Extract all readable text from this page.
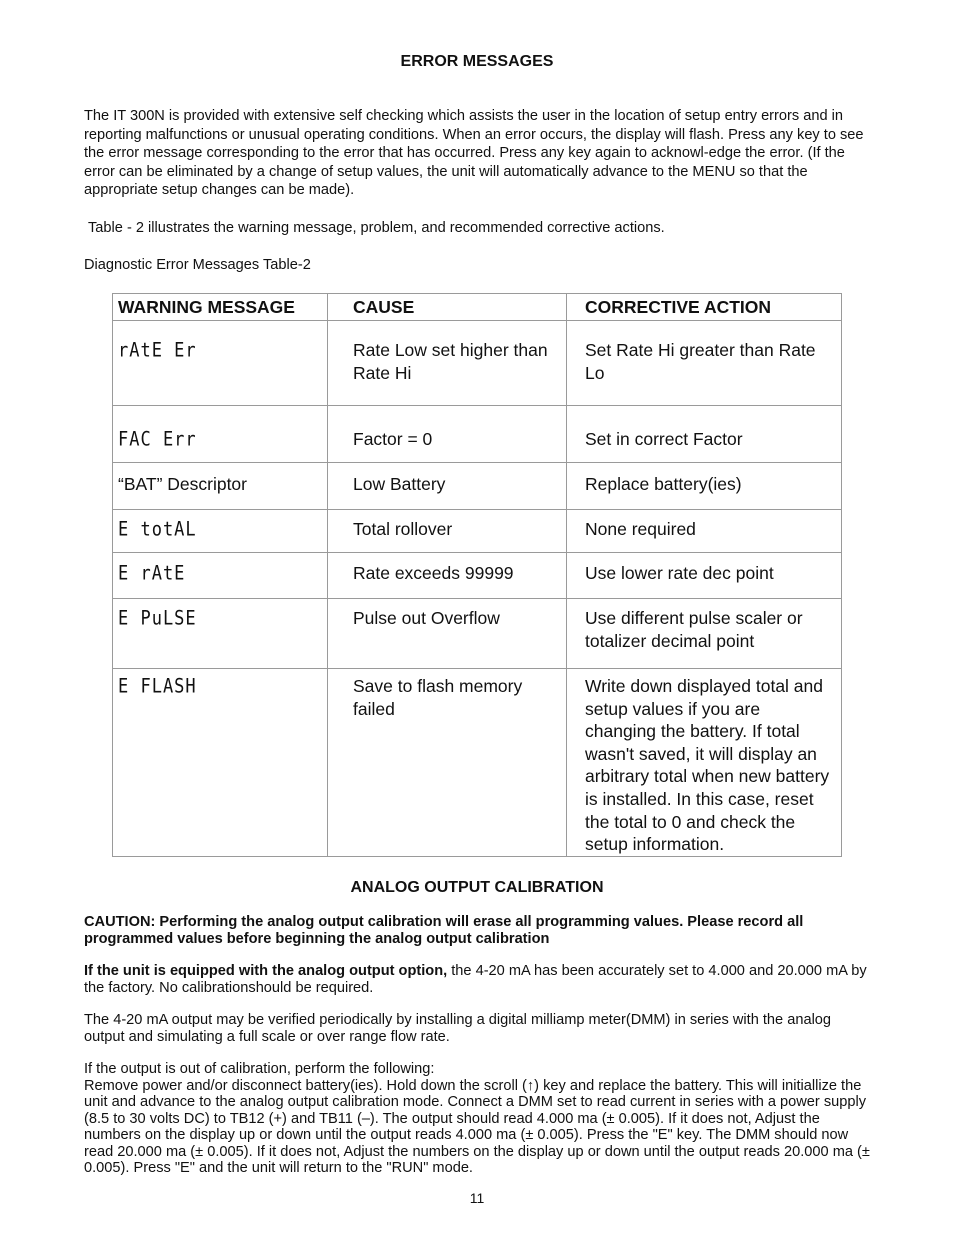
ERROR MESSAGES
The IT 300N is provided with extensive self checking which assists the user in the location of setup entry errors and in reporting malfunctions or unusual operating conditions. When an error occurs, the display will flash. Press any key to see the error message corresponding to the error that has occurred. Press any key again to acknowl-edge the error. (If the error can be eliminated by a change of setup values, the unit will automatically advance to the MENU so that the appropriate setup changes can be made).
Table - 2 illustrates the warning message, problem, and recommended corrective actions.
Diagnostic Error Messages Table-2
WARNING MESSAGE	CAUSE	CORRECTIVE ACTION
rAtE Er	Rate Low set higher than Rate Hi	Set Rate Hi greater than Rate Lo
FAC Err	Factor = 0	Set in correct Factor
“BAT” Descriptor	Low Battery	Replace battery(ies)
E totAL	Total rollover	None required
E rAtE	Rate exceeds 99999	Use lower rate dec point
E PuLSE	Pulse out Overflow	Use different pulse scaler or totalizer decimal point
E FLASH	Save to flash memory failed	Write down displayed total and setup values if you are changing the battery. If total wasn't saved, it will display an arbitrary total when new battery is installed. In this case, reset the total to 0 and check the setup information.
ANALOG OUTPUT CALIBRATION
CAUTION: Performing the analog output calibration will erase all programming values. Please record all programmed values before beginning the analog output calibration
If the unit is equipped with the analog output option, the 4-20 mA has been accurately set to 4.000 and 20.000 mA by the factory. No calibrationshould be required.
The 4-20 mA output may be verified periodically by installing a digital milliamp meter(DMM) in series with the analog output and simulating a full scale or over range flow rate.
If the output is out of calibration, perform the following:
Remove power and/or disconnect battery(ies). Hold down the scroll (↑) key and replace the battery. This will initiallize the unit and advance to the analog output calibration mode. Connect a DMM set to read current in series with a power supply (8.5 to 30 volts DC) to TB12 (+) and TB11 (–). The output should read 4.000 ma (± 0.005). If it does not, Adjust the numbers on the display up or down until the output reads 4.000 ma (± 0.005). Press the "E" key. The DMM should now read 20.000 ma (± 0.005). If it does not, Adjust the numbers on the display up or down until the output reads 20.000 ma (± 0.005). Press "E" and the unit will return to the "RUN" mode.
11
